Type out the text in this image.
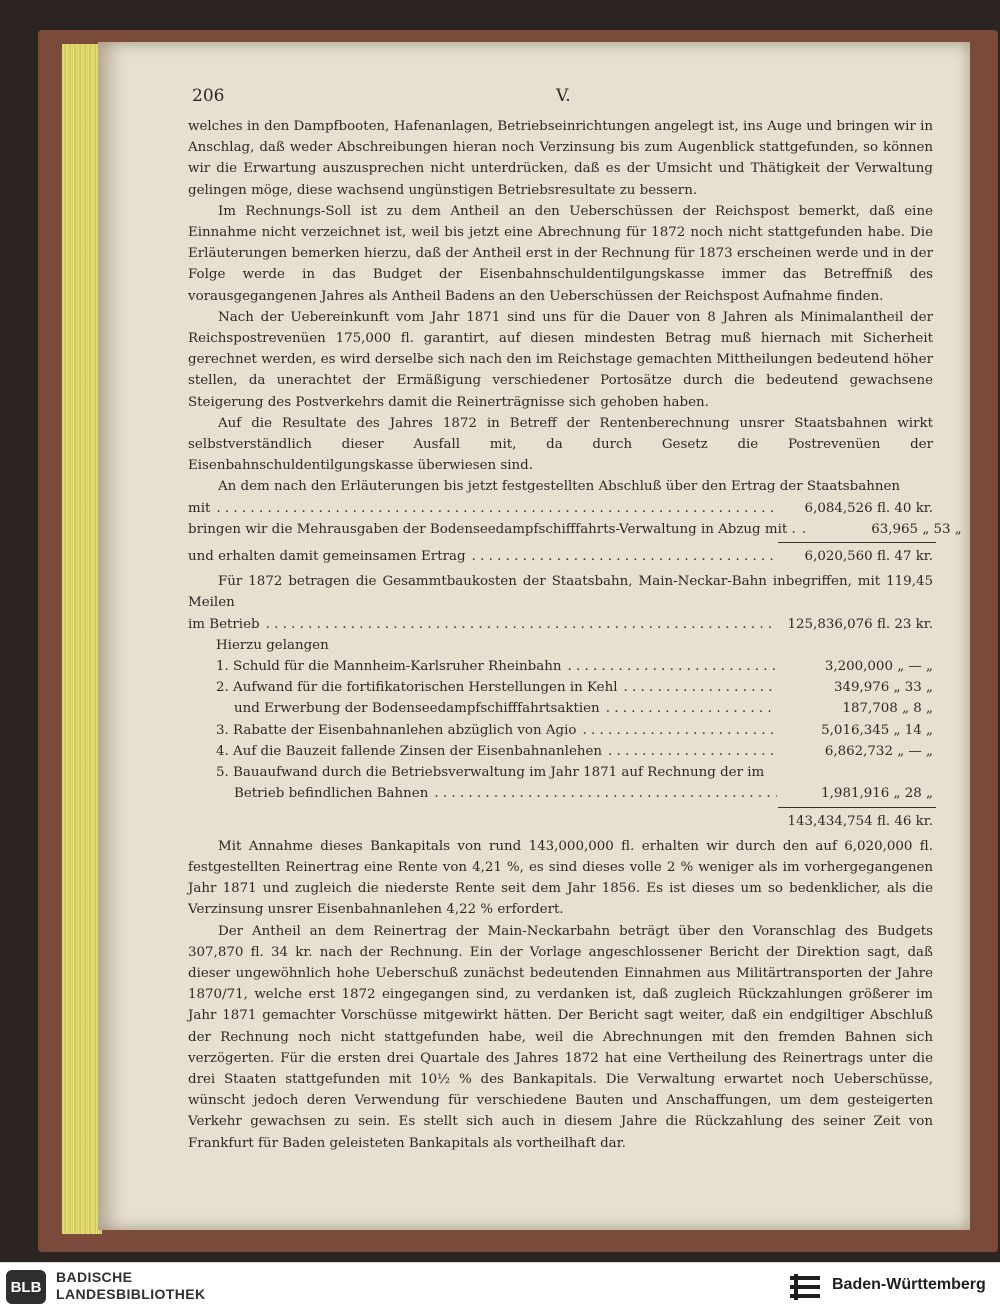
206	V.

welches in den Dampfbooten, Hafenanlagen, Betriebseinrichtungen angelegt ist, ins Auge und bringen wir in Anschlag, daß weder Abschreibungen hieran noch Verzinsung bis zum Augenblick stattgefunden, so können wir die Erwartung auszusprechen nicht unterdrücken, daß es der Umsicht und Thätigkeit der Verwaltung gelingen möge, diese wachsend ungünstigen Betriebsresultate zu bessern.

Im Rechnungs-Soll ist zu dem Antheil an den Ueberschüssen der Reichspost bemerkt, daß eine Einnahme nicht verzeichnet ist, weil bis jetzt eine Abrechnung für 1872 noch nicht stattgefunden habe. Die Erläuterungen bemerken hierzu, daß der Antheil erst in der Rechnung für 1873 erscheinen werde und in der Folge werde in das Budget der Eisenbahnschuldentilgungskasse immer das Betreffniß des vorausgegangenen Jahres als Antheil Badens an den Ueberschüssen der Reichspost Aufnahme finden.

Nach der Uebereinkunft vom Jahr 1871 sind uns für die Dauer von 8 Jahren als Minimalantheil der Reichspostrevenüen 175,000 fl. garantirt, auf diesen mindesten Betrag muß hiernach mit Sicherheit gerechnet werden, es wird derselbe sich nach den im Reichstage gemachten Mittheilungen bedeutend höher stellen, da unerachtet der Ermäßigung verschiedener Portosätze durch die bedeutend gewachsene Steigerung des Postverkehrs damit die Reinerträgnisse sich gehoben haben.

Auf die Resultate des Jahres 1872 in Betreff der Rentenberechnung unsrer Staatsbahnen wirkt selbstverständlich dieser Ausfall mit, da durch Gesetz die Postrevenüen der Eisenbahnschuldentilgungskasse überwiesen sind.

An dem nach den Erläuterungen bis jetzt festgestellten Abschluß über den Ertrag der Staatsbahnen

mit . . .	6,084,526 fl. 40 kr.
bringen wir die Mehrausgaben der Bodenseedampfschifffahrts-Verwaltung in Abzug mit . . . .	63,965 „ 53 „
und erhalten damit gemeinsamen Ertrag . . .	6,020,560 fl. 47 kr.

Für 1872 betragen die Gesammtbaukosten der Staatsbahn, Main-Neckar-Bahn inbegriffen, mit 119,45 Meilen

im Betrieb . . .	125,836,076 fl. 23 kr.
Hierzu gelangen
1. Schuld für die Mannheim-Karlsruher Rheinbahn . . .	3,200,000 „ — „
2. Aufwand für die fortifikatorischen Herstellungen in Kehl . . .	349,976 „ 33 „
und Erwerbung der Bodenseedampfschifffahrtsaktien . . .	187,708 „ 8 „
3. Rabatte der Eisenbahnanlehen abzüglich von Agio . . .	5,016,345 „ 14 „
4. Auf die Bauzeit fallende Zinsen der Eisenbahnanlehen . . .	6,862,732 „ — „
5. Bauaufwand durch die Betriebsverwaltung im Jahr 1871 auf Rechnung der im
Betrieb befindlichen Bahnen . . .	1,981,916 „ 28 „
143,434,754 fl. 46 kr.

Mit Annahme dieses Bankapitals von rund 143,000,000 fl. erhalten wir durch den auf 6,020,000 fl. festgestellten Reinertrag eine Rente von 4,21 %, es sind dieses volle 2 % weniger als im vorhergegangenen Jahr 1871 und zugleich die niederste Rente seit dem Jahr 1856. Es ist dieses um so bedenklicher, als die Verzinsung unsrer Eisenbahnanlehen 4,22 % erfordert.

Der Antheil an dem Reinertrag der Main-Neckarbahn beträgt über den Voranschlag des Budgets 307,870 fl. 34 kr. nach der Rechnung. Ein der Vorlage angeschlossener Bericht der Direktion sagt, daß dieser ungewöhnlich hohe Ueberschuß zunächst bedeutenden Einnahmen aus Militärtransporten der Jahre 1870/71, welche erst 1872 eingegangen sind, zu verdanken ist, daß zugleich Rückzahlungen größerer im Jahr 1871 gemachter Vorschüsse mitgewirkt hätten. Der Bericht sagt weiter, daß ein endgiltiger Abschluß der Rechnung noch nicht stattgefunden habe, weil die Abrechnungen mit den fremden Bahnen sich verzögerten. Für die ersten drei Quartale des Jahres 1872 hat eine Vertheilung des Reinertrags unter die drei Staaten stattgefunden mit 10½ % des Bankapitals. Die Verwaltung erwartet noch Ueberschüsse, wünscht jedoch deren Verwendung für verschiedene Bauten und Anschaffungen, um dem gesteigerten Verkehr gewachsen zu sein. Es stellt sich auch in diesem Jahre die Rückzahlung des seiner Zeit von Frankfurt für Baden geleisteten Bankapitals als vortheilhaft dar.

BLB
BADISCHE
LANDESBIBLIOTHEK
Baden-Württemberg
